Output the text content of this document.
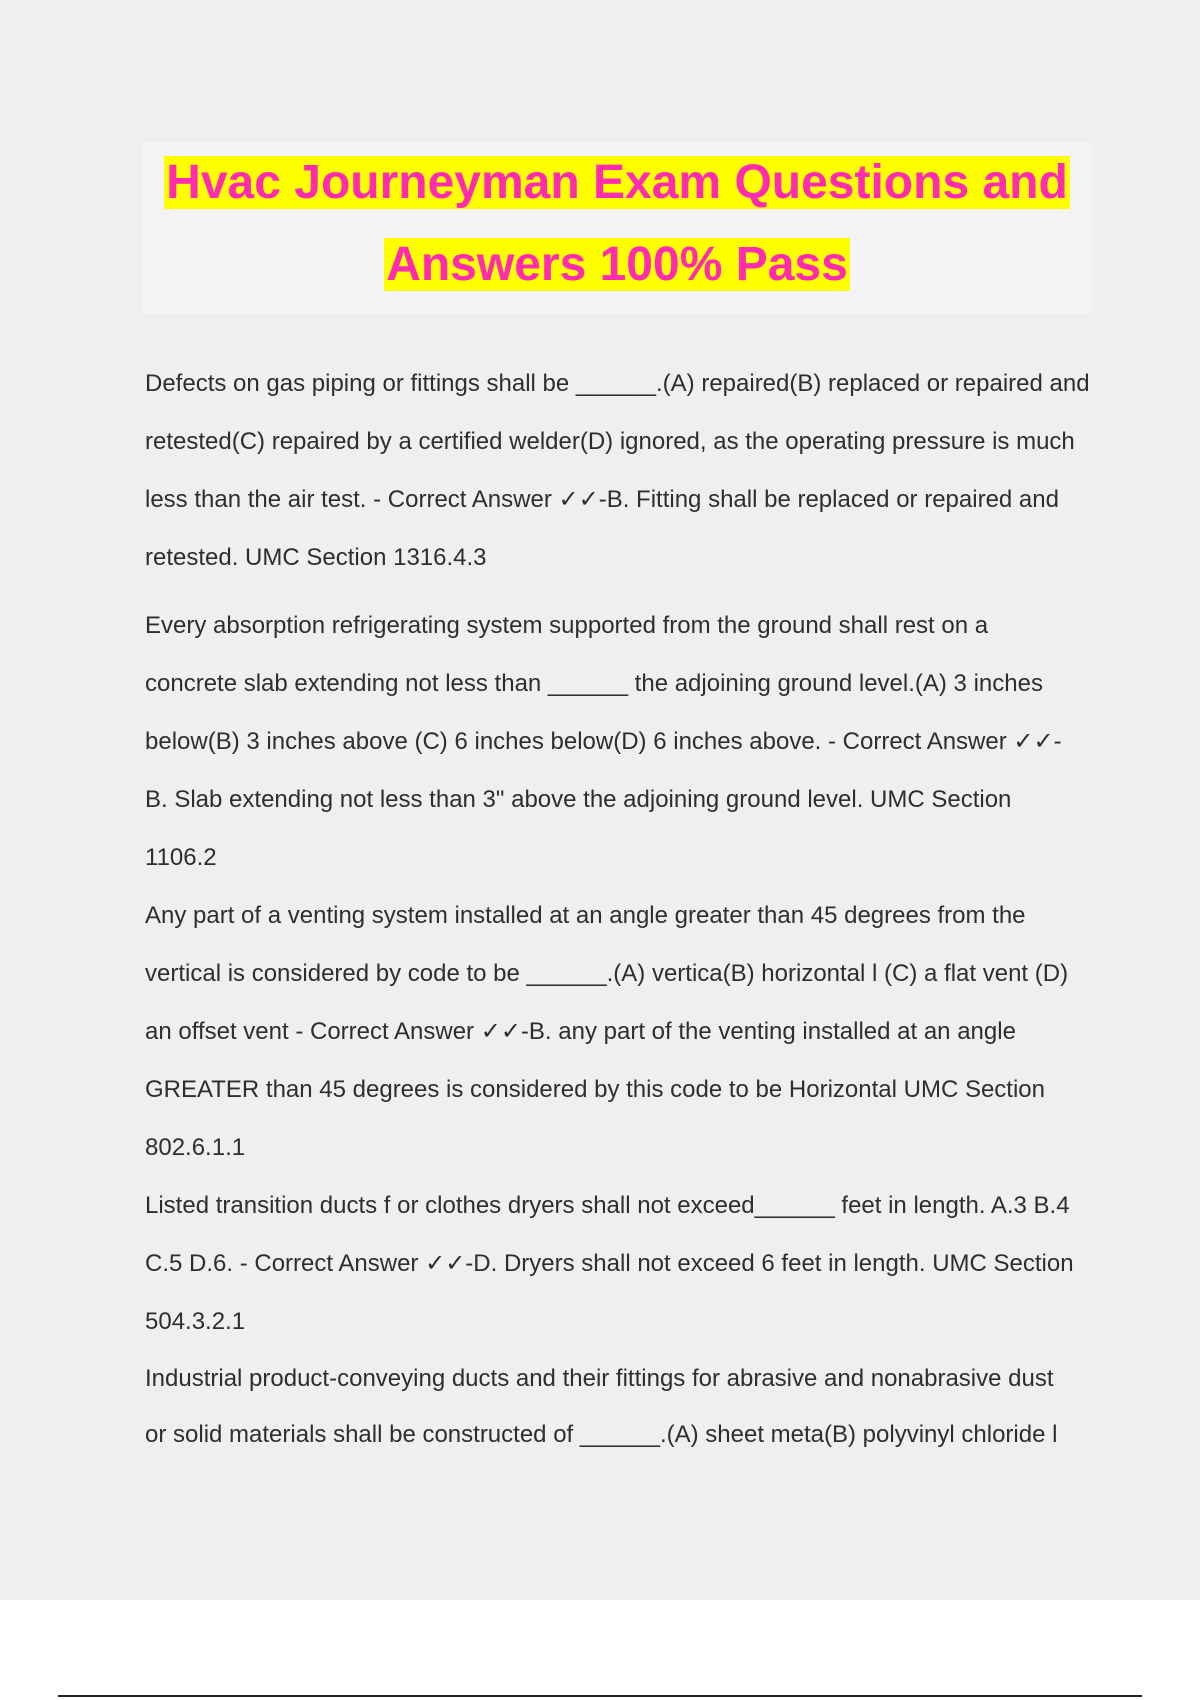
Hvac Journeyman Exam Questions and
Answers 100% Pass

Defects on gas piping or fittings shall be ______.(A) repaired(B) replaced or repaired and
retested(C) repaired by a certified welder(D) ignored, as the operating pressure is much
less than the air test. - Correct Answer ✓✓-B. Fitting shall be replaced or repaired and
retested. UMC Section 1316.4.3

Every absorption refrigerating system supported from the ground shall rest on a
concrete slab extending not less than ______ the adjoining ground level.(A) 3 inches
below(B) 3 inches above (C) 6 inches below(D) 6 inches above. - Correct Answer ✓✓-
B. Slab extending not less than 3" above the adjoining ground level. UMC Section
1106.2

Any part of a venting system installed at an angle greater than 45 degrees from the
vertical is considered by code to be ______.(A) vertica(B) horizontal l (C) a flat vent (D)
an offset vent - Correct Answer ✓✓-B. any part of the venting installed at an angle
GREATER than 45 degrees is considered by this code to be Horizontal UMC Section
802.6.1.1

Listed transition ducts f or clothes dryers shall not exceed______ feet in length. A.3 B.4
C.5 D.6. - Correct Answer ✓✓-D. Dryers shall not exceed 6 feet in length. UMC Section
504.3.2.1

Industrial product-conveying ducts and their fittings for abrasive and nonabrasive dust
or solid materials shall be constructed of ______.(A) sheet meta(B) polyvinyl chloride l
